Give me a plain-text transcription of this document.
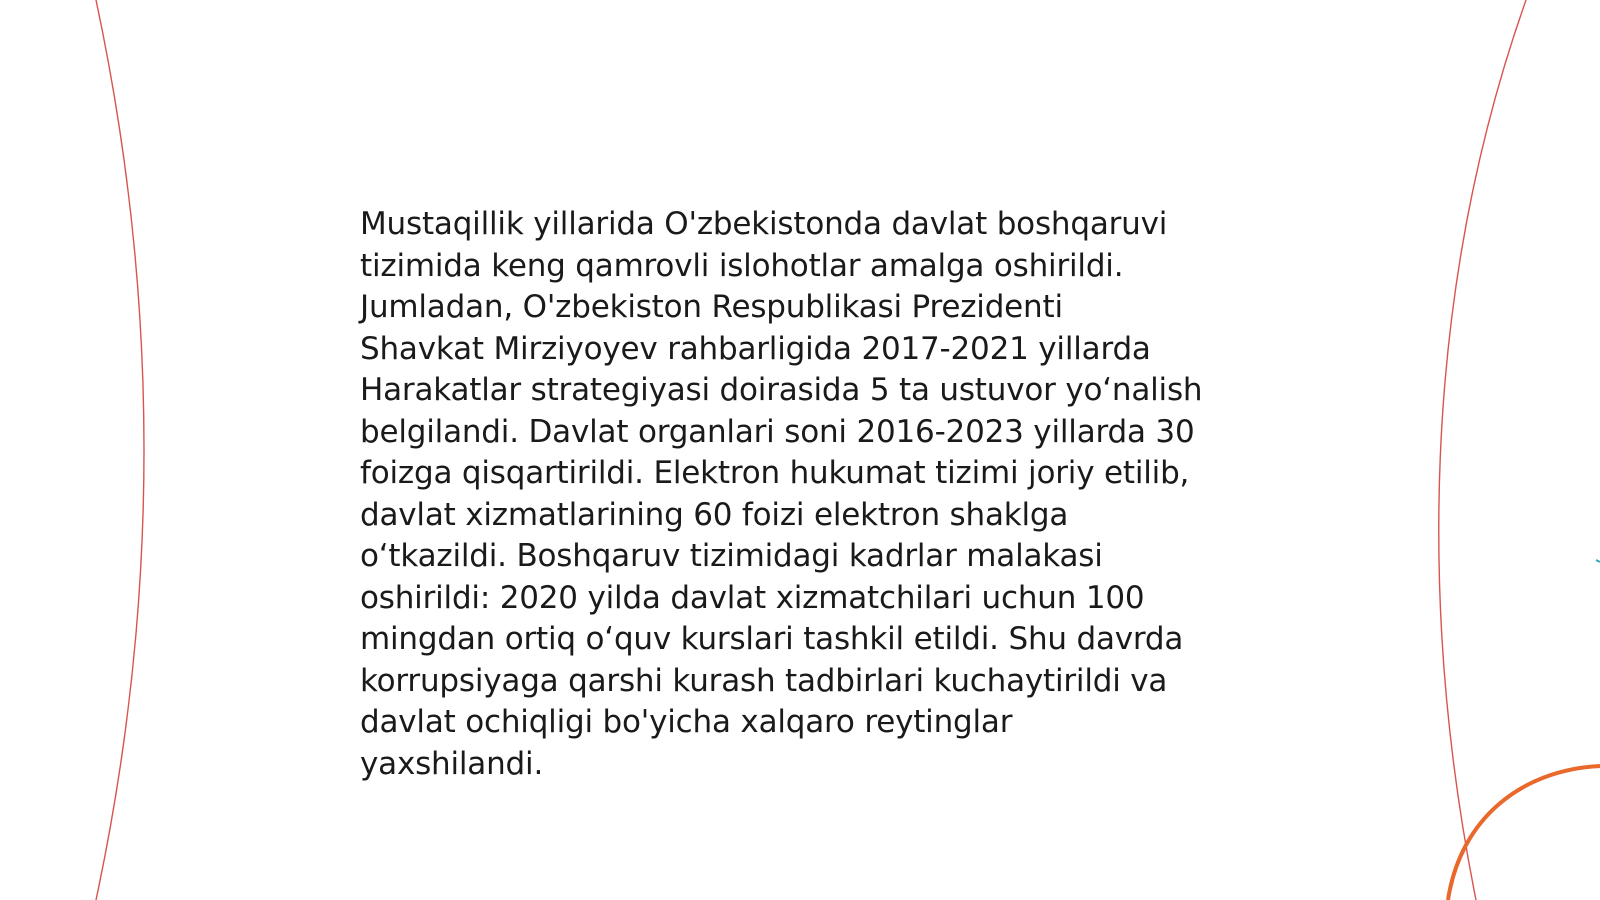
Mustaqillik yillarida O'zbekistonda davlat boshqaruvi
tizimida keng qamrovli islohotlar amalga oshirildi.
Jumladan, O'zbekiston Respublikasi Prezidenti
Shavkat Mirziyoyev rahbarligida 2017-2021 yillarda
Harakatlar strategiyasi doirasida 5 ta ustuvor yo‘nalish
belgilandi. Davlat organlari soni 2016-2023 yillarda 30
foizga qisqartirildi. Elektron hukumat tizimi joriy etilib,
davlat xizmatlarining 60 foizi elektron shaklga
o‘tkazildi. Boshqaruv tizimidagi kadrlar malakasi
oshirildi: 2020 yilda davlat xizmatchilari uchun 100
mingdan ortiq o‘quv kurslari tashkil etildi. Shu davrda
korrupsiyaga qarshi kurash tadbirlari kuchaytirildi va
davlat ochiqligi bo'yicha xalqaro reytinglar
yaxshilandi.
